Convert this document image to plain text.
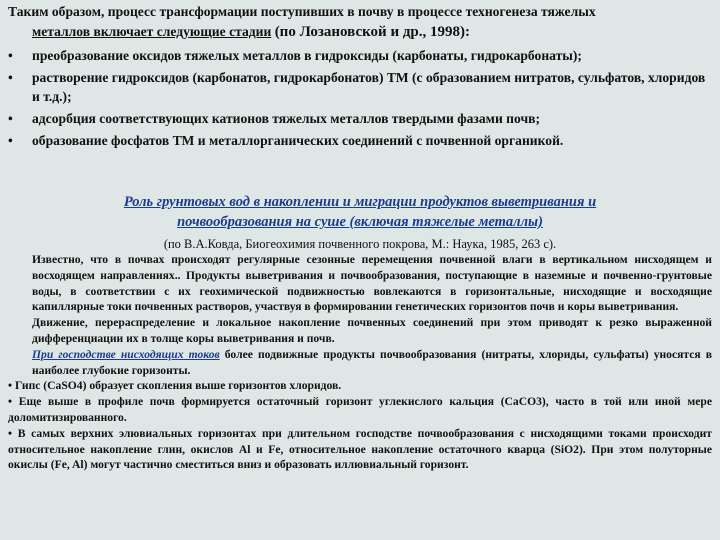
Таким образом, процесс трансформации поступивших в почву в процессе техногенеза тяжелых
металлов включает следующие стадии (по Лозановской и др., 1998):
• преобразование оксидов тяжелых металлов в гидроксиды (карбонаты, гидрокарбонаты);
• растворение гидроксидов (карбонатов, гидрокарбонатов) ТМ (с образованием нитратов, сульфатов, хлоридов и т.д.);
• адсорбция соответствующих катионов тяжелых металлов твердыми фазами почв;
• образование фосфатов ТМ и металлорганических соединений с почвенной органикой.
Роль грунтовых вод в накоплении и миграции продуктов выветривания и
почвообразования на суше (включая тяжелые металлы)
(по В.А.Ковда, Биогеохимия почвенного покрова, М.: Наука, 1985, 263 с).

Известно, что в почвах происходят регулярные сезонные перемещения почвенной влаги в вертикальном нисходящем и восходящем направлениях.. Продукты выветривания и почвообразования, поступающие в наземные и почвенно-грунтовые воды, в соответствии с их геохимической подвижностью вовлекаются в горизонтальные, нисходящие и восходящие капиллярные токи почвенных растворов, участвуя в формировании генетических горизонтов почв и коры выветривания.

Движение, перераспределение и локальное накопление почвенных соединений при этом приводят к резко выраженной дифференциации их в толще коры выветривания и почв.

При господстве нисходящих токов более подвижные продукты почвообразования (нитраты, хлориды, сульфаты) уносятся в наиболее глубокие горизонты.

• Гипс (CaSO4) образует скопления выше горизонтов хлоридов.

• Еще выше в профиле почв формируется остаточный горизонт углекислого кальция (CaCO3), часто в той или иной мере доломитизированного.

• В самых верхних элювиальных горизонтах при длительном господстве почвообразования с нисходящими токами происходит относительное накопление глин, окислов Al и Fe, относительное накопление остаточного кварца (SiO2). При этом полуторные окислы (Fe, Al) могут частично сместиться вниз и образовать иллювиальный горизонт.
